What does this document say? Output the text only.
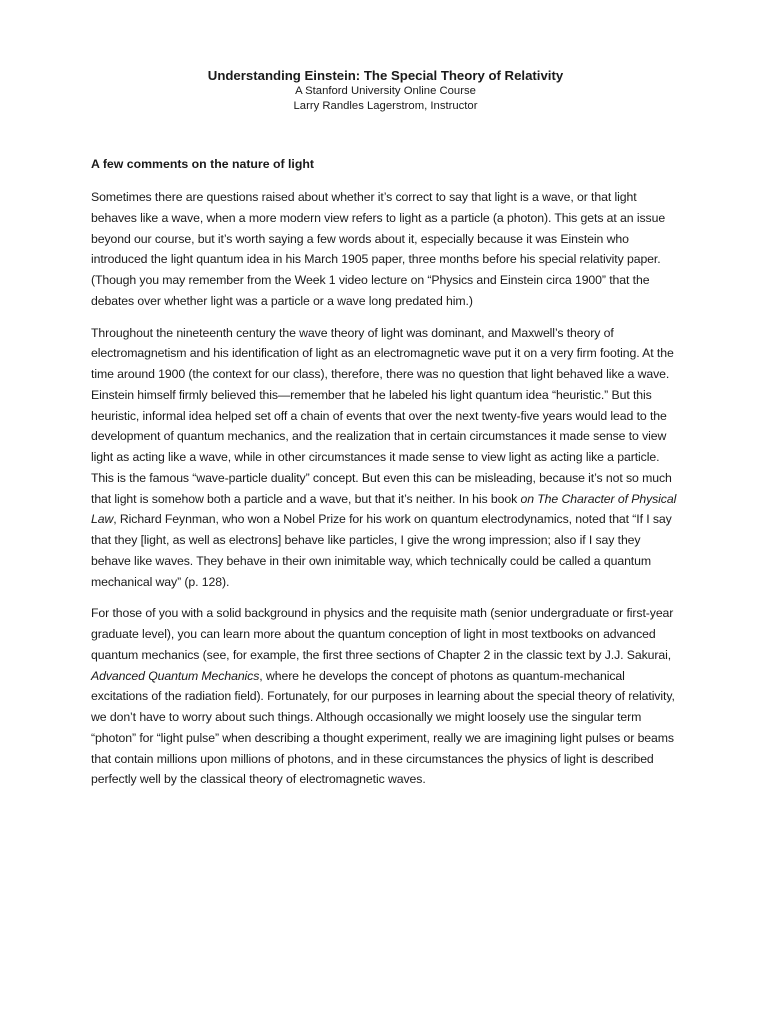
Understanding Einstein: The Special Theory of Relativity

A Stanford University Online Course

Larry Randles Lagerstrom, Instructor

A few comments on the nature of light

Sometimes there are questions raised about whether it’s correct to say that light is a wave, or that light behaves like a wave, when a more modern view refers to light as a particle (a photon). This gets at an issue beyond our course, but it’s worth saying a few words about it, especially because it was Einstein who introduced the light quantum idea in his March 1905 paper, three months before his special relativity paper. (Though you may remember from the Week 1 video lecture on “Physics and Einstein circa 1900” that the debates over whether light was a particle or a wave long predated him.)

Throughout the nineteenth century the wave theory of light was dominant, and Maxwell’s theory of electromagnetism and his identification of light as an electromagnetic wave put it on a very firm footing. At the time around 1900 (the context for our class), therefore, there was no question that light behaved like a wave. Einstein himself firmly believed this—remember that he labeled his light quantum idea “heuristic.” But this heuristic, informal idea helped set off a chain of events that over the next twenty-five years would lead to the development of quantum mechanics, and the realization that in certain circumstances it made sense to view light as acting like a wave, while in other circumstances it made sense to view light as acting like a particle. This is the famous “wave-particle duality” concept. But even this can be misleading, because it’s not so much that light is somehow both a particle and a wave, but that it’s neither. In his book on The Character of Physical Law, Richard Feynman, who won a Nobel Prize for his work on quantum electrodynamics, noted that “If I say that they [light, as well as electrons] behave like particles, I give the wrong impression; also if I say they behave like waves. They behave in their own inimitable way, which technically could be called a quantum mechanical way” (p. 128).

For those of you with a solid background in physics and the requisite math (senior undergraduate or first-year graduate level), you can learn more about the quantum conception of light in most textbooks on advanced quantum mechanics (see, for example, the first three sections of Chapter 2 in the classic text by J.J. Sakurai, Advanced Quantum Mechanics, where he develops the concept of photons as quantum-mechanical excitations of the radiation field). Fortunately, for our purposes in learning about the special theory of relativity, we don’t have to worry about such things. Although occasionally we might loosely use the singular term “photon” for “light pulse” when describing a thought experiment, really we are imagining light pulses or beams that contain millions upon millions of photons, and in these circumstances the physics of light is described perfectly well by the classical theory of electromagnetic waves.
